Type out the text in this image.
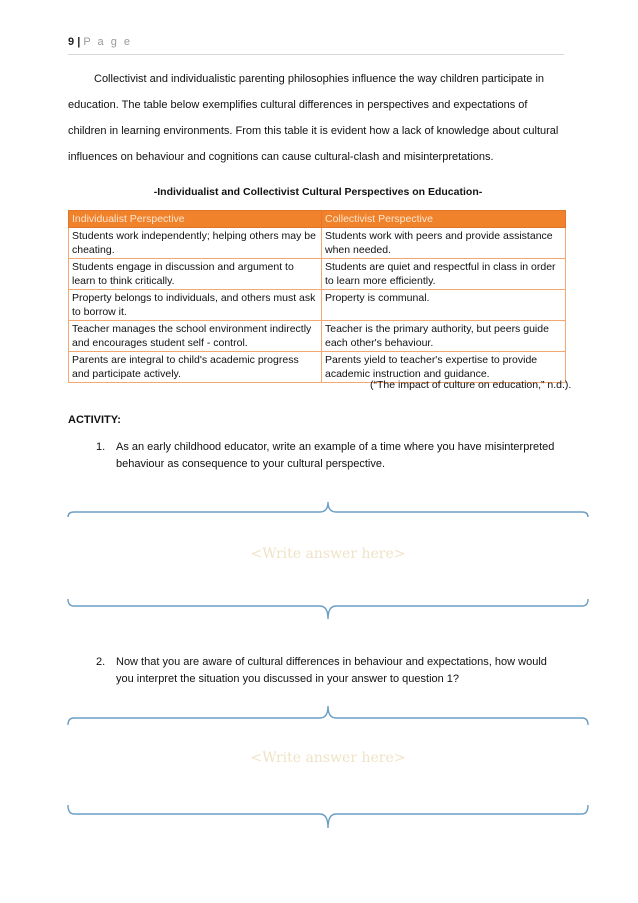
9 | P a g e

Collectivist and individualistic parenting philosophies influence the way children participate in education. The table below exemplifies cultural differences in perspectives and expectations of children in learning environments. From this table it is evident how a lack of knowledge about cultural influences on behaviour and cognitions can cause cultural-clash and misinterpretations.

-Individualist and Collectivist Cultural Perspectives on Education-
Individualist Perspective	Collectivist Perspective
Students work independently; helping others may be cheating.	Students work with peers and provide assistance when needed.
Students engage in discussion and argument to learn to think critically.	Students are quiet and respectful in class in order to learn more efficiently.
Property belongs to individuals, and others must ask to borrow it.	Property is communal.
Teacher manages the school environment indirectly and encourages student self - control.	Teacher is the primary authority, but peers guide each other's behaviour.
Parents are integral to child's academic progress and participate actively.	Parents yield to teacher's expertise to provide academic instruction and guidance.
(“The impact of culture on education,” n.d.).
ACTIVITY:
1. As an early childhood educator, write an example of a time where you have misinterpreted behaviour as consequence to your cultural perspective.
<Write answer here>
2. Now that you are aware of cultural differences in behaviour and expectations, how would you interpret the situation you discussed in your answer to question 1?
<Write answer here>
